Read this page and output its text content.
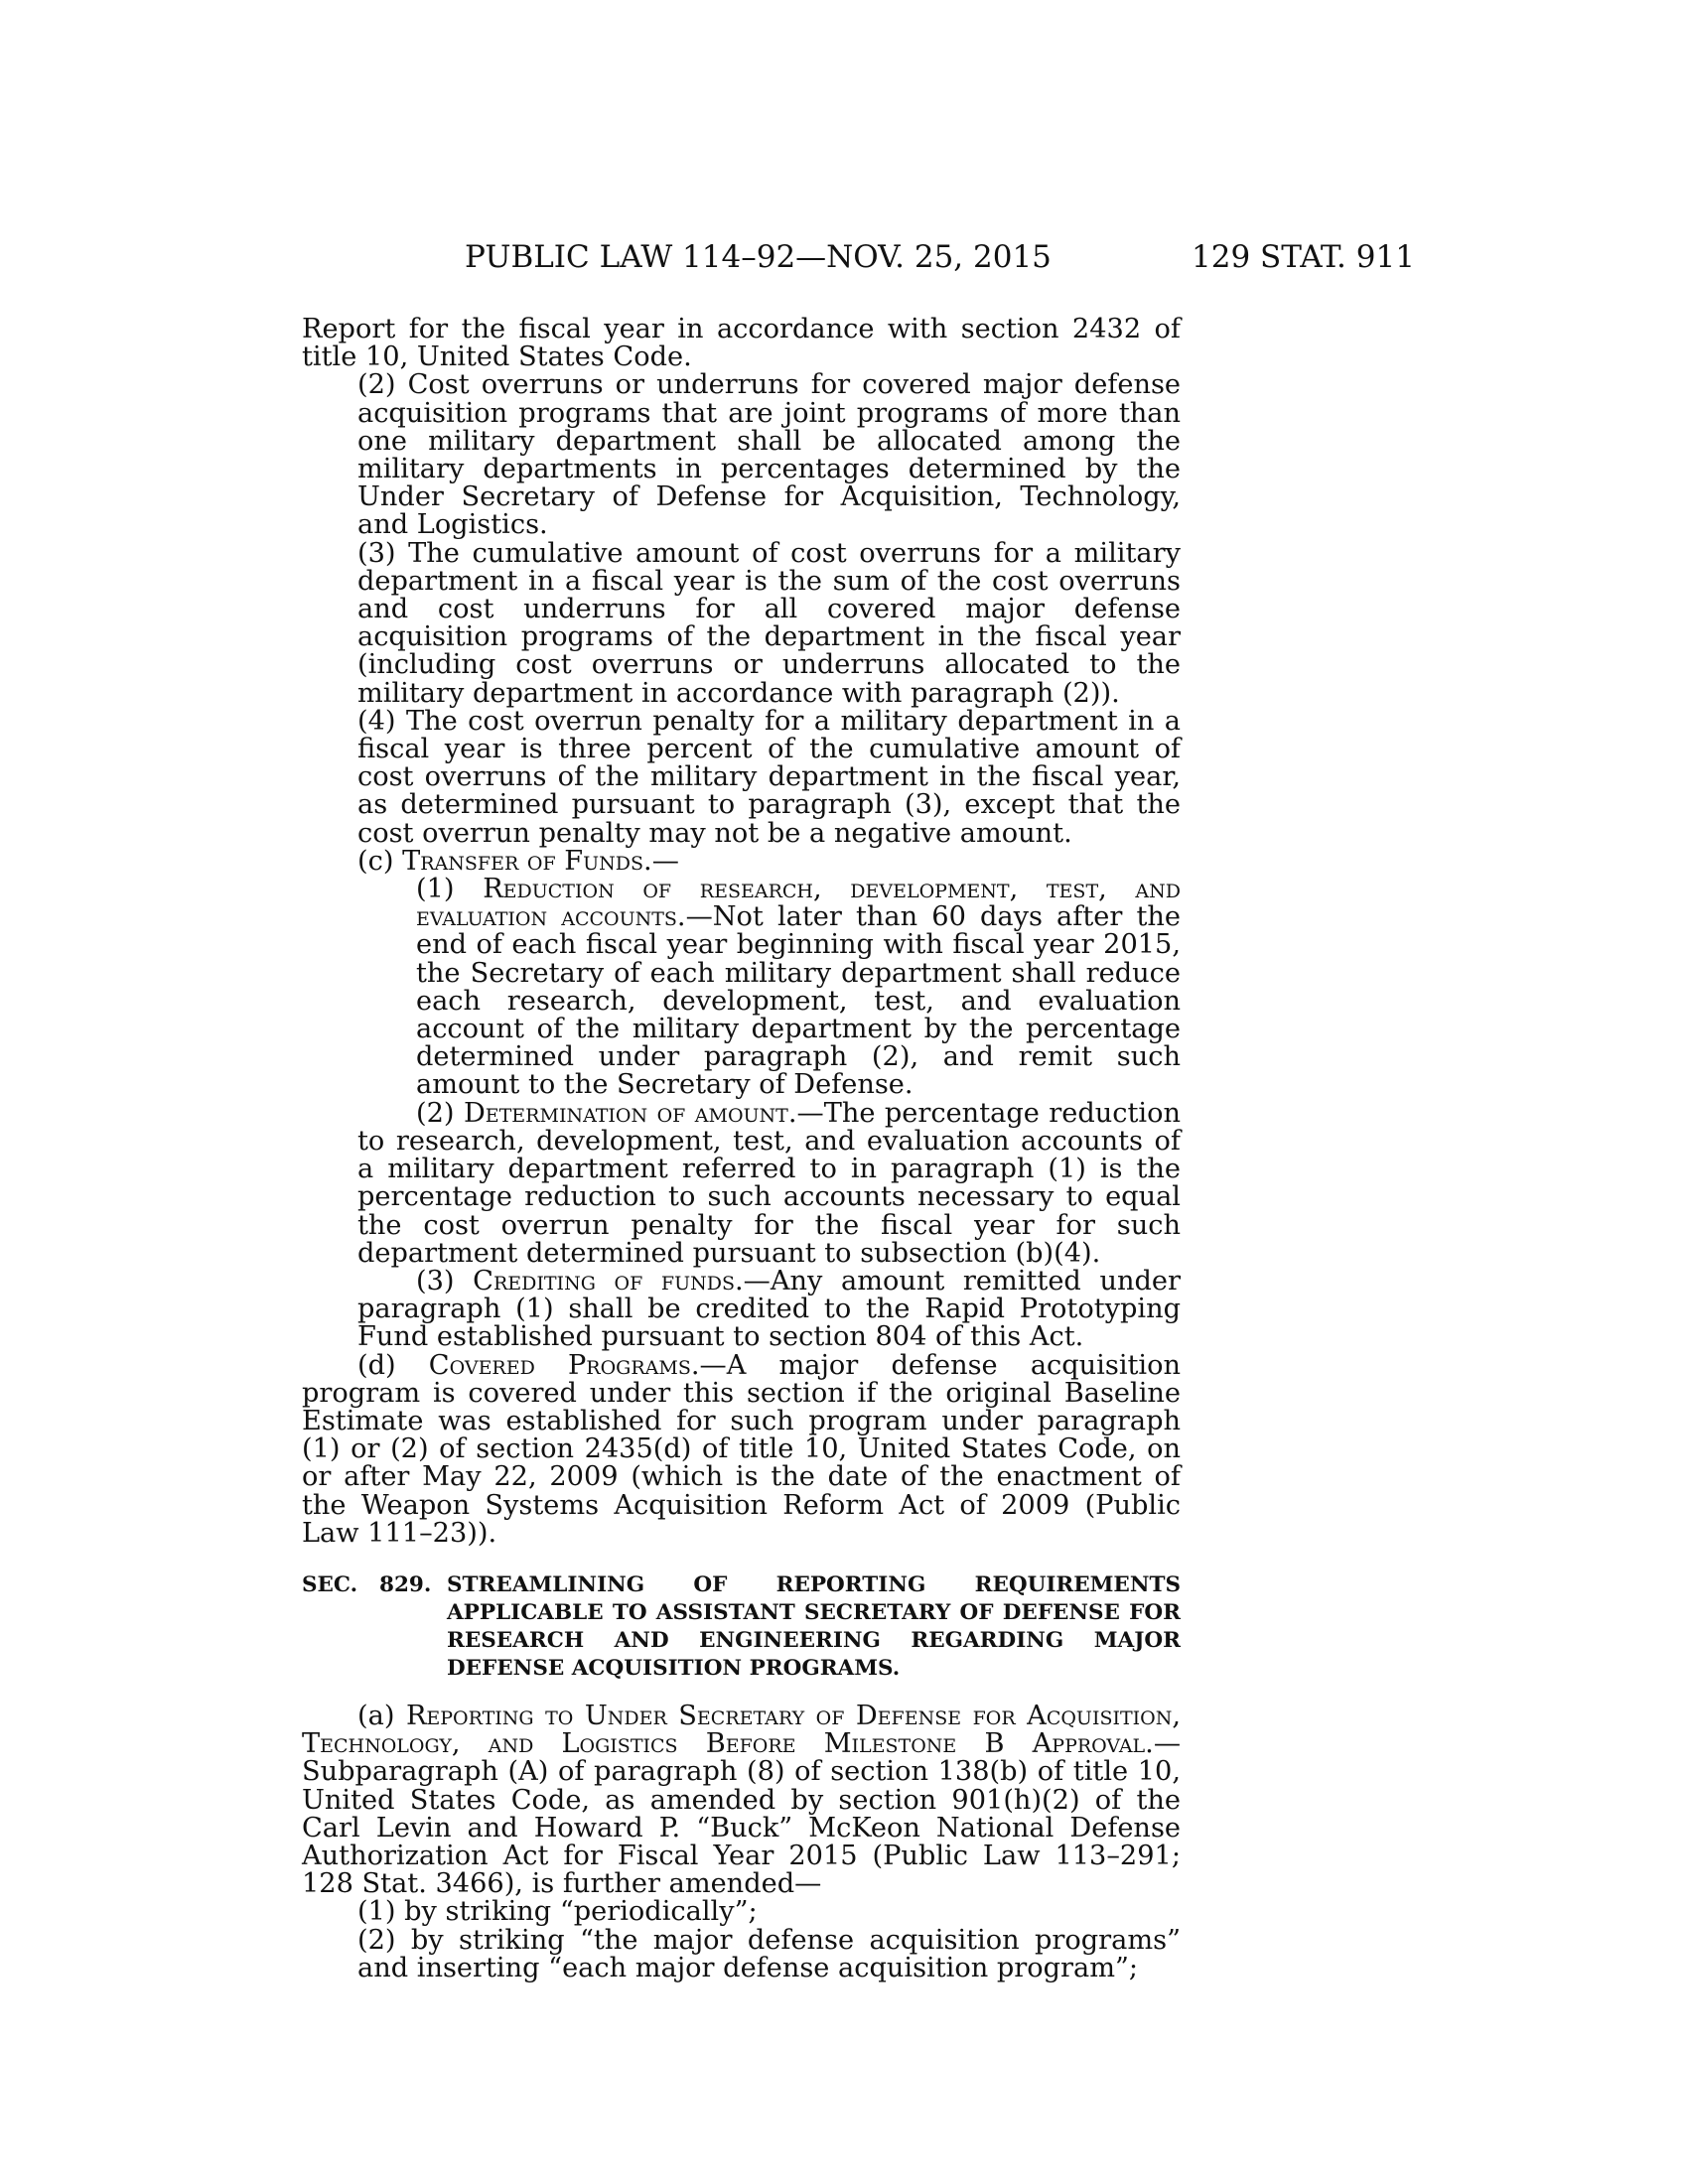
PUBLIC LAW 114–92—NOV. 25, 2015	129 STAT. 911

Report for the fiscal year in accordance with section 2432 of title 10, United States Code.

(2) Cost overruns or underruns for covered major defense acquisition programs that are joint programs of more than one military department shall be allocated among the military departments in percentages determined by the Under Secretary of Defense for Acquisition, Technology, and Logistics.

(3) The cumulative amount of cost overruns for a military department in a fiscal year is the sum of the cost overruns and cost underruns for all covered major defense acquisition programs of the department in the fiscal year (including cost overruns or underruns allocated to the military department in accordance with paragraph (2)).

(4) The cost overrun penalty for a military department in a fiscal year is three percent of the cumulative amount of cost overruns of the military department in the fiscal year, as determined pursuant to paragraph (3), except that the cost overrun penalty may not be a negative amount.

(c) Transfer of Funds.—

(1) Reduction of research, development, test, and evaluation accounts.—Not later than 60 days after the end of each fiscal year beginning with fiscal year 2015, the Secretary of each military department shall reduce each research, development, test, and evaluation account of the military department by the percentage determined under paragraph (2), and remit such amount to the Secretary of Defense.

(2) Determination of amount.—The percentage reduction to research, development, test, and evaluation accounts of a military department referred to in paragraph (1) is the percentage reduction to such accounts necessary to equal the cost overrun penalty for the fiscal year for such department determined pursuant to subsection (b)(4).

(3) Crediting of funds.—Any amount remitted under paragraph (1) shall be credited to the Rapid Prototyping Fund established pursuant to section 804 of this Act.

(d) Covered Programs.—A major defense acquisition program is covered under this section if the original Baseline Estimate was established for such program under paragraph (1) or (2) of section 2435(d) of title 10, United States Code, on or after May 22, 2009 (which is the date of the enactment of the Weapon Systems Acquisition Reform Act of 2009 (Public Law 111–23)).

SEC.	829. STREAMLINING OF REPORTING REQUIREMENTS APPLICABLE TO ASSISTANT SECRETARY OF DEFENSE FOR RESEARCH AND ENGINEERING REGARDING MAJOR DEFENSE ACQUISITION PROGRAMS.

(a) Reporting to Under Secretary of Defense for Acquisition, Technology, and Logistics Before Milestone B Approval.—Subparagraph (A) of paragraph (8) of section 138(b) of title 10, United States Code, as amended by section 901(h)(2) of the Carl Levin and Howard P. “Buck” McKeon National Defense Authorization Act for Fiscal Year 2015 (Public Law 113–291; 128 Stat. 3466), is further amended—

(1) by striking “periodically”;

(2) by striking “the major defense acquisition programs” and inserting “each major defense acquisition program”;
